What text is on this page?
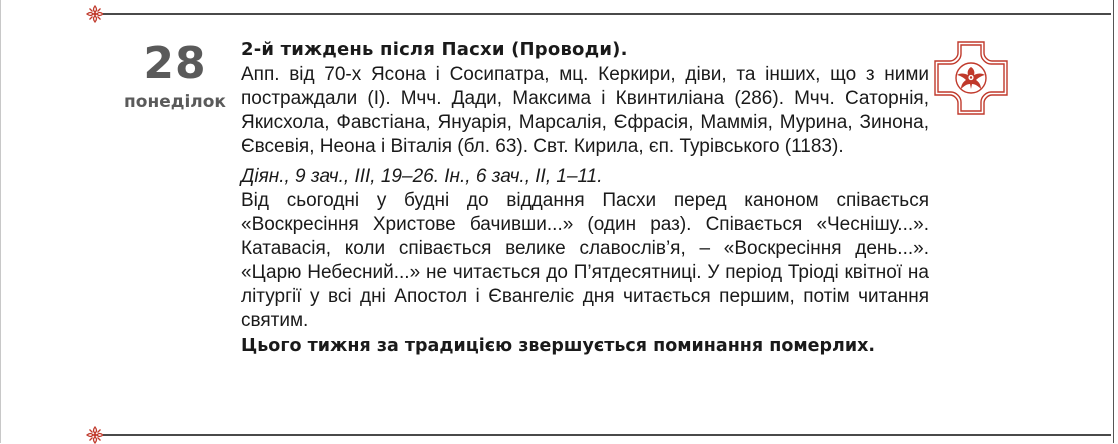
28
понеділок

2-й тиждень після Пасхи (Проводи).

Апп. від 70-х Ясона і Сосипатра, мц. Керкири, діви, та інших, що з ними постраждали (І). Мчч. Дади, Максима і Квинтиліана (286). Мчч. Саторнія, Якисхола, Фавстіана, Януарія, Марсалія, Єфрасія, Маммія, Мурина, Зинона, Євсевія, Неона і Віталія (бл. 63). Свт. Кирила, єп. Турівського (1183).

Діян., 9 зач., ІІІ, 19–26. Ін., 6 зач., ІІ, 1–11.

Від сьогодні у будні до віддання Пасхи перед каноном співається «Воскресіння Христове бачивши...» (один раз). Співається «Чеснішу...». Катавасія, коли співається велике славослів’я, – «Воскресіння день...». «Царю Небесний...» не читається до П’ятдесятниці. У період Тріоді квітної на літургії у всі дні Апостол і Євангеліє дня читається першим, потім читання святим.

Цього тижня за традицією звершується поминання померлих.
